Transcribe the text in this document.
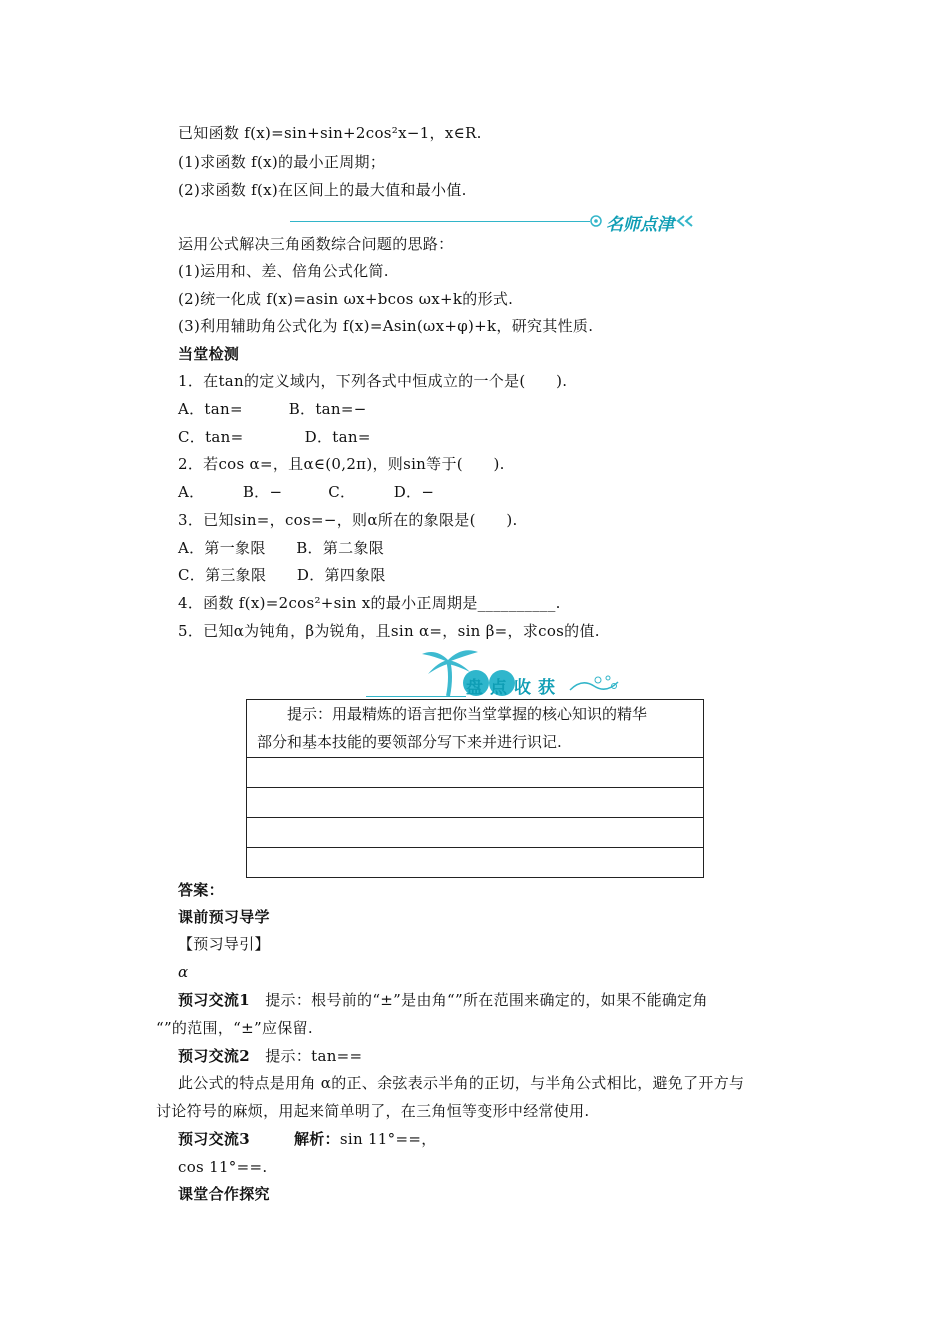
已知函数 f(x)=sin+sin+2cos²x−1，x∈R.
(1)求函数 f(x)的最小正周期；
(2)求函数 f(x)在区间上的最大值和最小值.
名师点津
运用公式解决三角函数综合问题的思路：
(1)运用和、差、倍角公式化简.
(2)统一化成 f(x)=asin ωx+bcos ωx+k的形式.
(3)利用辅助角公式化为 f(x)=Asin(ωx+φ)+k，研究其性质.
当堂检测
1．在tan的定义域内，下列各式中恒成立的一个是(　　).
A．tan=　　　B．tan=−
C．tan=　　　　D．tan=
2．若cos α=，且α∈(0,2π)，则sin等于(　　).
A．　　　B．−　　　C．　　　D．−
3．已知sin=，cos=−，则α所在的象限是(　　).
A．第一象限　　B．第二象限
C．第三象限　　D．第四象限
4．函数 f(x)=2cos²+sin x的最小正周期是__________.
5．已知α为钝角，β为锐角，且sin α=，sin β=，求cos的值.
盘点收获
提示：用最精炼的语言把你当堂掌握的核心知识的精华
部分和基本技能的要领部分写下来并进行识记.
答案：
课前预习导学
【预习导引】
α
预习交流1　提示：根号前的“±”是由角“”所在范围来确定的，如果不能确定角
“”的范围，“±”应保留.
预习交流2　提示：tan==
此公式的特点是用角 α的正、余弦表示半角的正切，与半角公式相比，避免了开方与
讨论符号的麻烦，用起来简单明了，在三角恒等变形中经常使用.
预习交流3	解析：sin 11°==，
cos 11°==.
课堂合作探究
